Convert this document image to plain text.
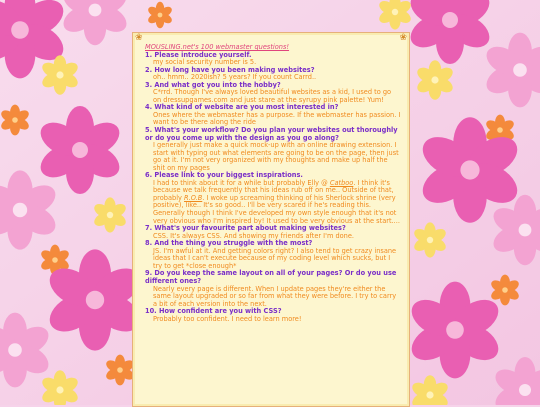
❀	❀
MOUSLING.net's 100 webmaster questions!
1. Please introduce yourself.
my social security number is 5.
2. How long have you been making websites?
oh.. hmm.. 2020ish? 5 years? If you count Carrd..
3. And what got you into the hobby?
C*rrd. Though I've always loved beautiful websites as a kid, I used to go on dressupgames.com and just stare at the syrupy pink palette! Yum!
4. What kind of website are you most interested in?
Ones where the webmaster has a purpose. If the webmaster has passion. I want to be there along the ride
5. What's your workflow? Do you plan your websites out thoroughly or do you come up with the design as you go along?
I generally just make a quick mock-up with an online drawing extension. I start with typing out what elements are going to be on the page, then just go at it. I'm not very organized with my thoughts and make up half the shit on my pages
6. Please link to your biggest inspirations.
I had to think about it for a while but probably Elly @ Catboo. I think it's because we talk frequently that his ideas rub off on me.. Outside of that, probably R.O.B. I woke up screaming thinking of his Sherlock shrine (very positive), like.. It's so good.. I'll be very scared if he's reading this. Generally though I think I've developed my own style enough that it's not very obvious who I'm inspired by! It used to be very obvious at the start....
7. What's your favourite part about making websites?
CSS. It's always CSS. And showing my friends after I'm done.
8. And the thing you struggle with the most?
JS. I'm awful at it. And getting colors right? I also tend to get crazy insane ideas that I can't execute because of my coding level which sucks, but I try to get *close enough*
9. Do you keep the same layout on all of your pages? Or do you use different ones?
Nearly every page is different. When I update pages they're either the same layout upgraded or so far from what they were before. I try to carry a bit of each version into the next.
10. How confident are you with CSS?
Probably too confident. I need to learn more!
